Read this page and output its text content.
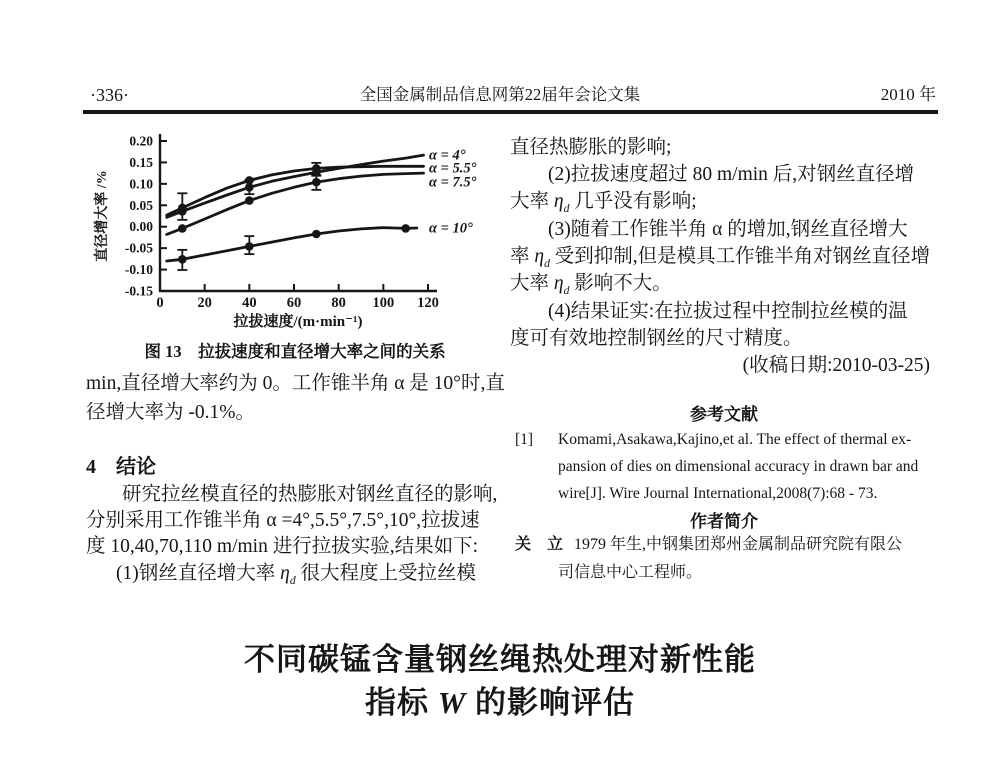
·336·	全国金属制品信息网第22届年会论文集	2010 年
0.20
0.15
0.10
0.05
0.00
-0.05
-0.10
-0.15
0 20 40 60 80 100 120
直径增大率 /%
拉拔速度/(m·min⁻¹)
α = 4°
α = 5.5°
α = 7.5°
α = 10°
图 13　拉拔速度和直径增大率之间的关系
min,直径增大率约为 0。工作锥半角 α 是 10°时,直
径增大率为 -0.1%。
4　结论
研究拉丝模直径的热膨胀对钢丝直径的影响,
分别采用工作锥半角 α =4°,5.5°,7.5°,10°,拉拔速
度 10,40,70,110 m/min 进行拉拔实验,结果如下:
(1)钢丝直径增大率 $\eta_d$ 很大程度上受拉丝模
直径热膨胀的影响;
(2)拉拔速度超过 80 m/min 后,对钢丝直径增
大率 $\eta_d$ 几乎没有影响;
(3)随着工作锥半角 α 的增加,钢丝直径增大
率 $\eta_d$ 受到抑制,但是模具工作锥半角对钢丝直径增
大率 $\eta_d$ 影响不大。
(4)结果证实:在拉拔过程中控制拉丝模的温
度可有效地控制钢丝的尺寸精度。
(收稿日期:2010-03-25)
参考文献
[1] Komami,Asakawa,Kajino,et al. The effect of thermal ex-
pansion of dies on dimensional accuracy in drawn bar and
wire[J]. Wire Journal International,2008(7):68 - 73.
作者简介
关　立 1979 年生,中钢集团郑州金属制品研究院有限公
司信息中心工程师。
不同碳锰含量钢丝绳热处理对新性能
指标 W 的影响评估
